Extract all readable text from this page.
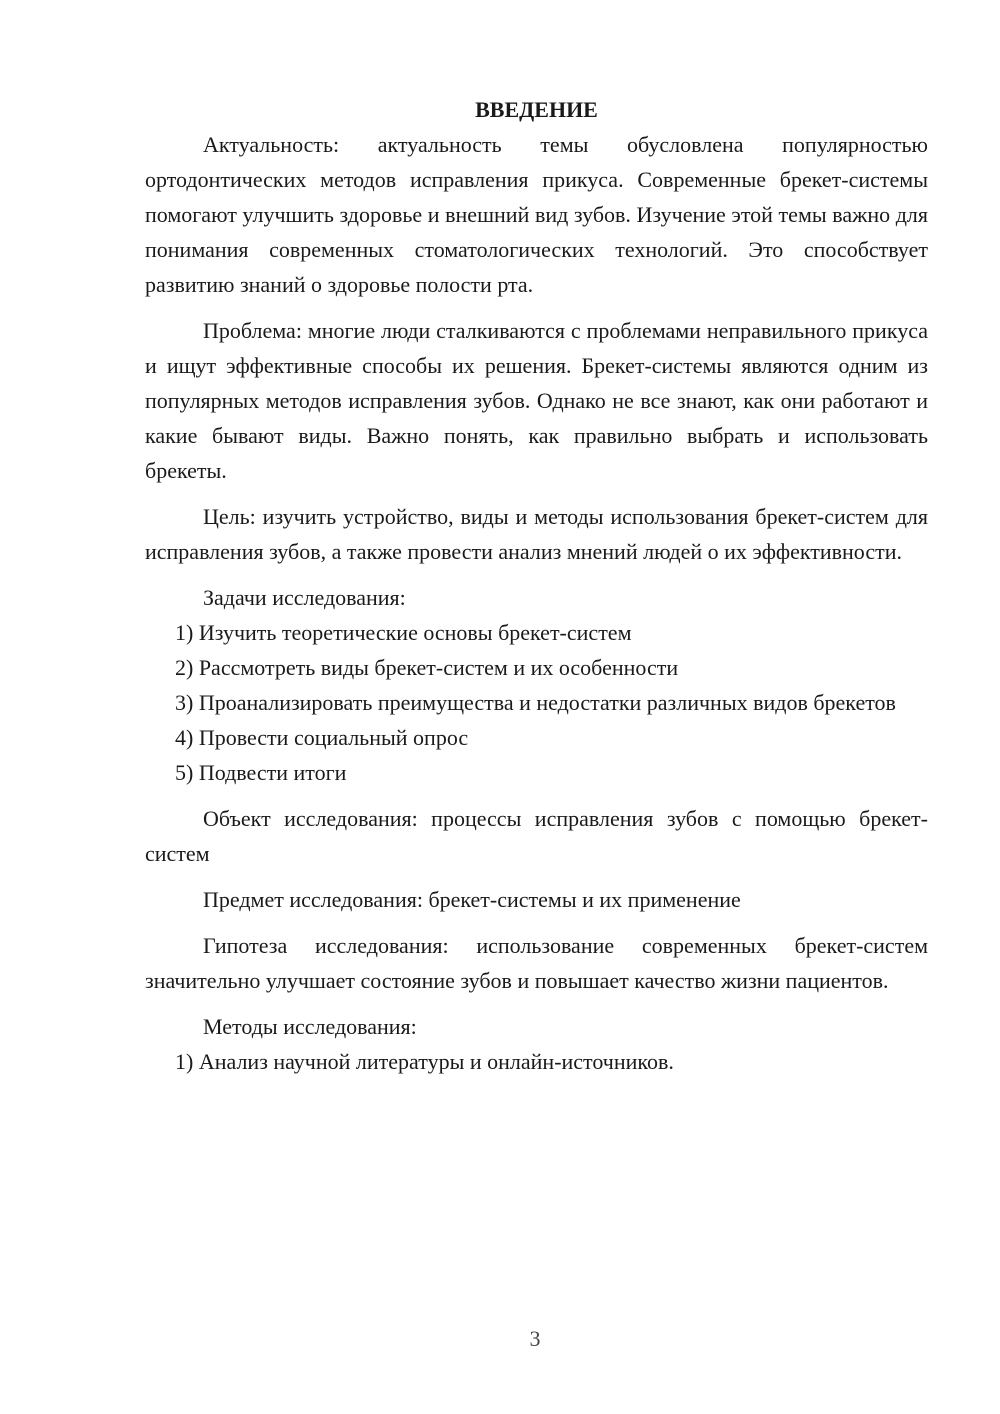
ВВЕДЕНИЕ

Актуальность: актуальность темы обусловлена популярностью ортодонтических методов исправления прикуса. Современные брекет-системы помогают улучшить здоровье и внешний вид зубов. Изучение этой темы важно для понимания современных стоматологических технологий. Это способствует развитию знаний о здоровье полости рта.

Проблема: многие люди сталкиваются с проблемами неправильного прикуса и ищут эффективные способы их решения. Брекет-системы являются одним из популярных методов исправления зубов. Однако не все знают, как они работают и какие бывают виды. Важно понять, как правильно выбрать и использовать брекеты.

Цель: изучить устройство, виды и методы использования брекет-систем для исправления зубов, а также провести анализ мнений людей о их эффективности.

Задачи исследования:

1) Изучить теоретические основы брекет-систем

2) Рассмотреть виды брекет-систем и их особенности

3) Проанализировать преимущества и недостатки различных видов брекетов

4) Провести социальный опрос

5) Подвести итоги

Объект исследования: процессы исправления зубов с помощью брекет-систем

Предмет исследования: брекет-системы и их применение

Гипотеза исследования: использование современных брекет-систем значительно улучшает состояние зубов и повышает качество жизни пациентов.

Методы исследования:

1) Анализ научной литературы и онлайн-источников.

3
